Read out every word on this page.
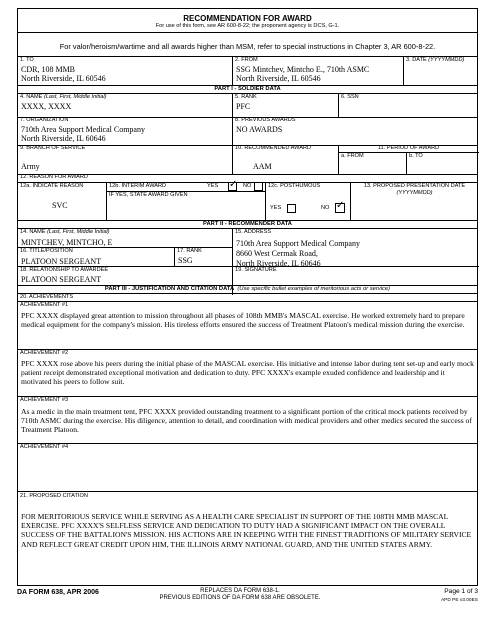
RECOMMENDATION FOR AWARD
For use of this form, see AR 600-8-22; the proponent agency is DCS, G-1.
For valor/heroism/wartime and all awards higher than MSM, refer to special instructions in Chapter 3, AR 600-8-22.
1. TO
CDR, 108 MMB
North Riverside, IL 60546
2. FROM
SSG Mintchev, Mintcho E., 710th ASMC
North Riverside, IL 60546
3. DATE (YYYYMMDD)
PART I - SOLDIER DATA
4. NAME (Last, First, Middle Initial)
XXXX, XXXX
5. RANK
PFC
6. SSN
7. ORGANIZATION
710th Area Support Medical Company
North Riverside, IL 60646
8. PREVIOUS AWARDS
NO AWARDS
9. BRANCH OF SERVICE
Army
10. RECOMMENDED AWARD
AAM
11. PERIOD OF AWARD
a. FROM	b. TO
12. REASON FOR AWARD
12a. INDICATE REASON
SVC
12b. INTERIM AWARD	YES ✓ NO
IF YES, STATE AWARD GIVEN
12c. POSTHUMOUS
YES	NO ✓
13. PROPOSED PRESENTATION DATE
(YYYYMMDD)
PART II - RECOMMENDER DATA
14. NAME (Last, First, Middle Initial)
MINTCHEV, MINTCHO, E
15. ADDRESS
710th Area Support Medical Company
8660 West Cermak Road,
North Riverside, IL 60646
16. TITLE/POSITION
PLATOON SERGEANT
17. RANK
SSG
18. RELATIONSHIP TO AWARDEE
PLATOON SERGEANT
19. SIGNATURE
PART III - JUSTIFICATION AND CITATION DATA (Use specific bullet examples of meritorious acts or service)
20. ACHIEVEMENTS
ACHIEVEMENT #1
PFC XXXX displayed great attention to mission throughout all phases of 108th MMB's MASCAL exercise. He worked extremely hard to prepare medical equipment for the company's mission. His tireless efforts ensured the success of Treatment Platoon's medical mission during the exercise.
ACHIEVEMENT #2
PFC XXXX rose above his peers during the initial phase of the MASCAL exercise. His initiative and intense labor during tent set-up and early mock patient receipt demonstrated exceptional motivation and dedication to duty. PFC XXXX's example exuded confidence and leadership and it motivated his peers to follow suit.
ACHIEVEMENT #3
As a medic in the main treatment tent, PFC XXXX provided outstanding treatment to a significant portion of the critical mock patients received by 710th ASMC during the exercise. His diligence, attention to detail, and coordination with medical providers and other medics secured the success of Treatment Platoon.
ACHIEVEMENT #4
21. PROPOSED CITATION
FOR MERITORIOUS SERVICE WHILE SERVING AS A HEALTH CARE SPECIALIST IN SUPPORT OF THE 108TH MMB MASCAL EXERCISE. PFC XXXX'S SELFLESS SERVICE AND DEDICATION TO DUTY HAD A SIGNIFICANT IMPACT ON THE OVERALL SUCCESS OF THE BATTALION'S MISSION. HIS ACTIONS ARE IN KEEPING WITH THE FINEST TRADITIONS OF MILITARY SERVICE AND REFLECT GREAT CREDIT UPON HIM, THE ILLINOIS ARMY NATIONAL GUARD, AND THE UNITED STATES ARMY.
DA FORM 638, APR 2006	REPLACES DA FORM 638-1.
PREVIOUS EDITIONS OF DA FORM 638 ARE OBSOLETE.
Page 1 of 3
APD PE v3.00ES
